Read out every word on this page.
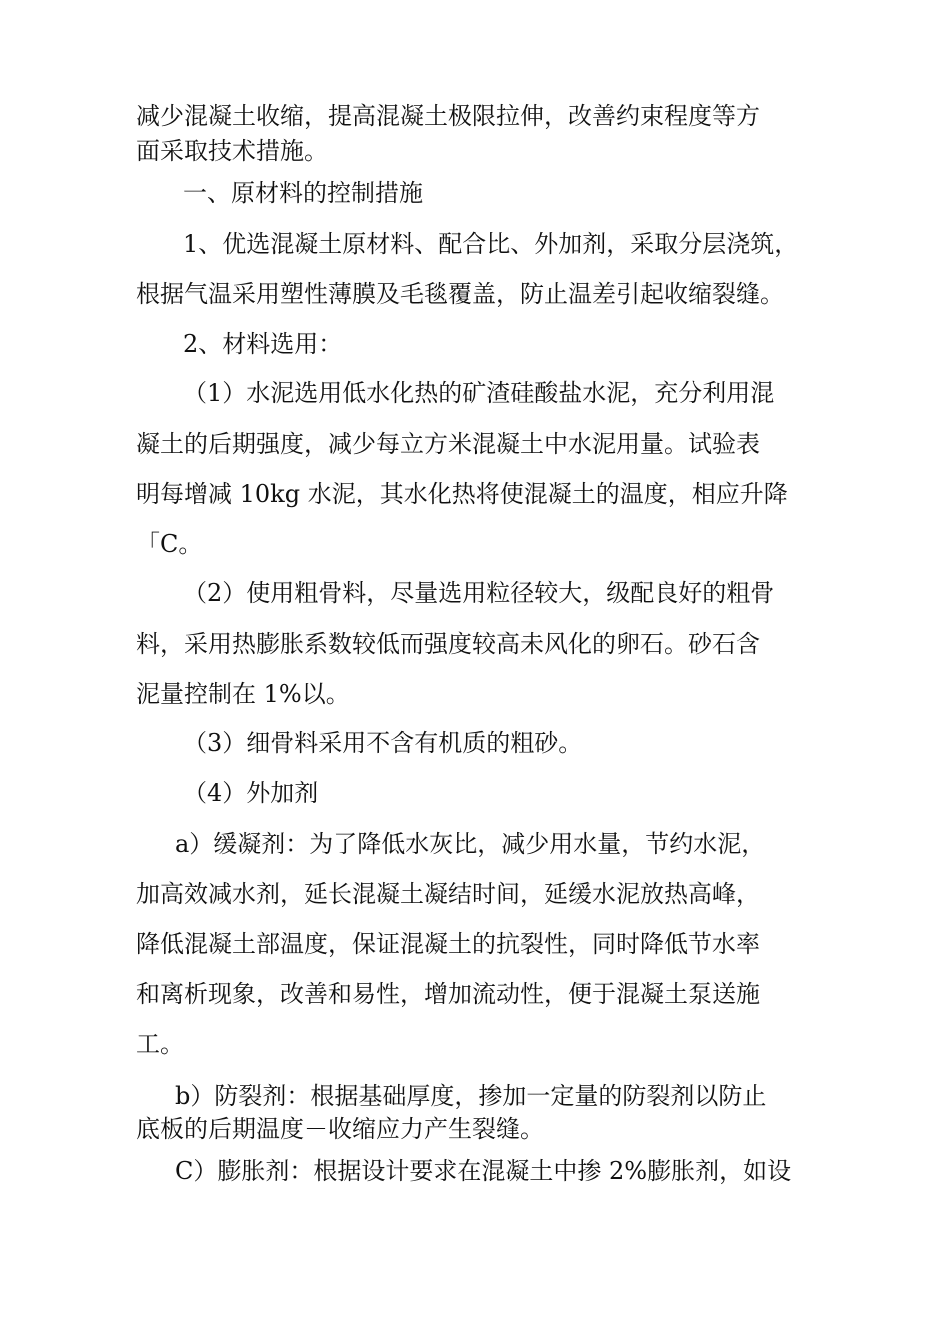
减少混凝土收缩，提高混凝土极限拉伸，改善约束程度等方
面采取技术措施。
一、原材料的控制措施
1、优选混凝土原材料、配合比、外加剂，采取分层浇筑，
根据气温采用塑性薄膜及毛毯覆盖，防止温差引起收缩裂缝。
2、材料选用：
（1）水泥选用低水化热的矿渣硅酸盐水泥，充分利用混
凝土的后期强度，减少每立方米混凝土中水泥用量。试验表
明每增减 10kg 水泥，其水化热将使混凝土的温度，相应升降
「C。
（2）使用粗骨料，尽量选用粒径较大，级配良好的粗骨
料，采用热膨胀系数较低而强度较高未风化的卵石。砂石含
泥量控制在 1%以。
（3）细骨料采用不含有机质的粗砂。
（4）外加剂
a）缓凝剂：为了降低水灰比，减少用水量，节约水泥，
加高效减水剂，延长混凝土凝结时间，延缓水泥放热高峰，
降低混凝土部温度，保证混凝土的抗裂性，同时降低节水率
和离析现象，改善和易性，增加流动性，便于混凝土泵送施
工。
b）防裂剂：根据基础厚度，掺加一定量的防裂剂以防止
底板的后期温度－收缩应力产生裂缝。
C）膨胀剂：根据设计要求在混凝土中掺 2%膨胀剂，如设
